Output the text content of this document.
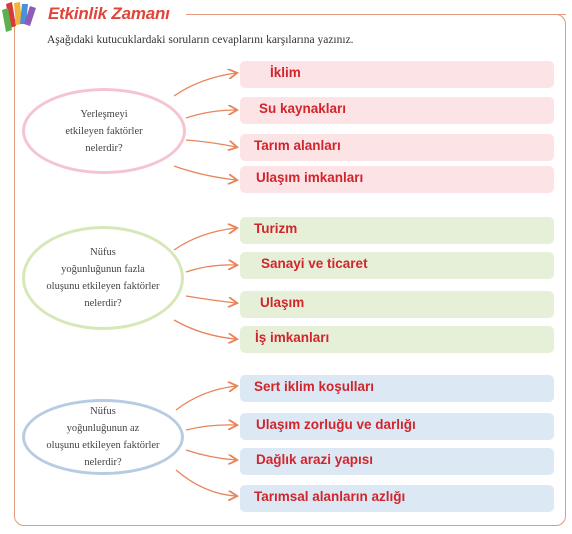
Etkinlik Zamanı
Aşağıdaki kutucuklardaki soruların cevaplarını karşılarına yazınız.
Yerleşmeyi
etkileyen faktörler
nelerdir?
Nüfus
yoğunluğunun fazla
oluşunu etkileyen faktörler
nelerdir?
Nüfus
yoğunluğunun az
oluşunu etkileyen faktörler
nelerdir?
İklim
Su kaynakları
Tarım alanları
Ulaşım imkanları
Turizm
Sanayi ve ticaret
Ulaşım
İş imkanları
Sert iklim koşulları
Ulaşım zorluğu ve darlığı
Dağlık arazi yapısı
Tarımsal alanların azlığı
